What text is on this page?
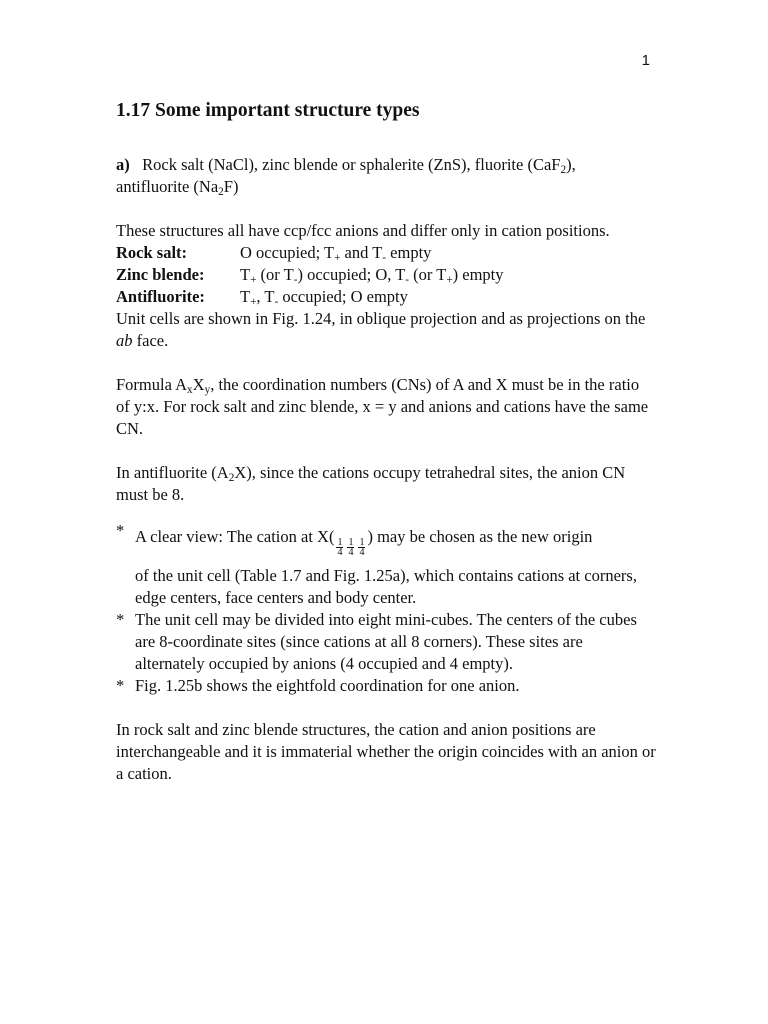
1
1.17 Some important structure types

a) Rock salt (NaCl), zinc blende or sphalerite (ZnS), fluorite (CaF$_2$),
antifluorite $(Na_2F)$

These structures all have ccp/fcc anions and differ only in cation positions.

Rock salt:	O occupied; $T_+$ and $T_-$ empty
Zinc blende:	$T_+$ (or $T_-$) occupied; O, $T_-$ (or $T_+$) empty
Antifluorite:	$T_+$, $T_-$ occupied; O empty

Unit cells are shown in Fig. 1.24, in oblique projection and as projections on the ab face.

Formula $A_xX_y$, the coordination numbers (CNs) of A and X must be in the ratio of y:x. For rock salt and zinc blende, x = y and anions and cations have the same CN.

In antifluorite $(A_2X)$, since the cations occupy tetrahedral sites, the anion CN must be 8.

* A clear view: The cation at X(
$\frac{1}{4} \frac{1}{4} \frac{1}{4}$
) may be chosen as the new origin
of the unit cell (Table 1.7 and Fig. 1.25a), which contains cations at corners, edge centers, face centers and body center.
* The unit cell may be divided into eight mini-cubes. The centers of the cubes are 8-coordinate sites (since cations at all 8 corners). These sites are alternately occupied by anions (4 occupied and 4 empty).
* Fig. 1.25b shows the eightfold coordination for one anion.

In rock salt and zinc blende structures, the cation and anion positions are interchangeable and it is immaterial whether the origin coincides with an anion or a cation.
